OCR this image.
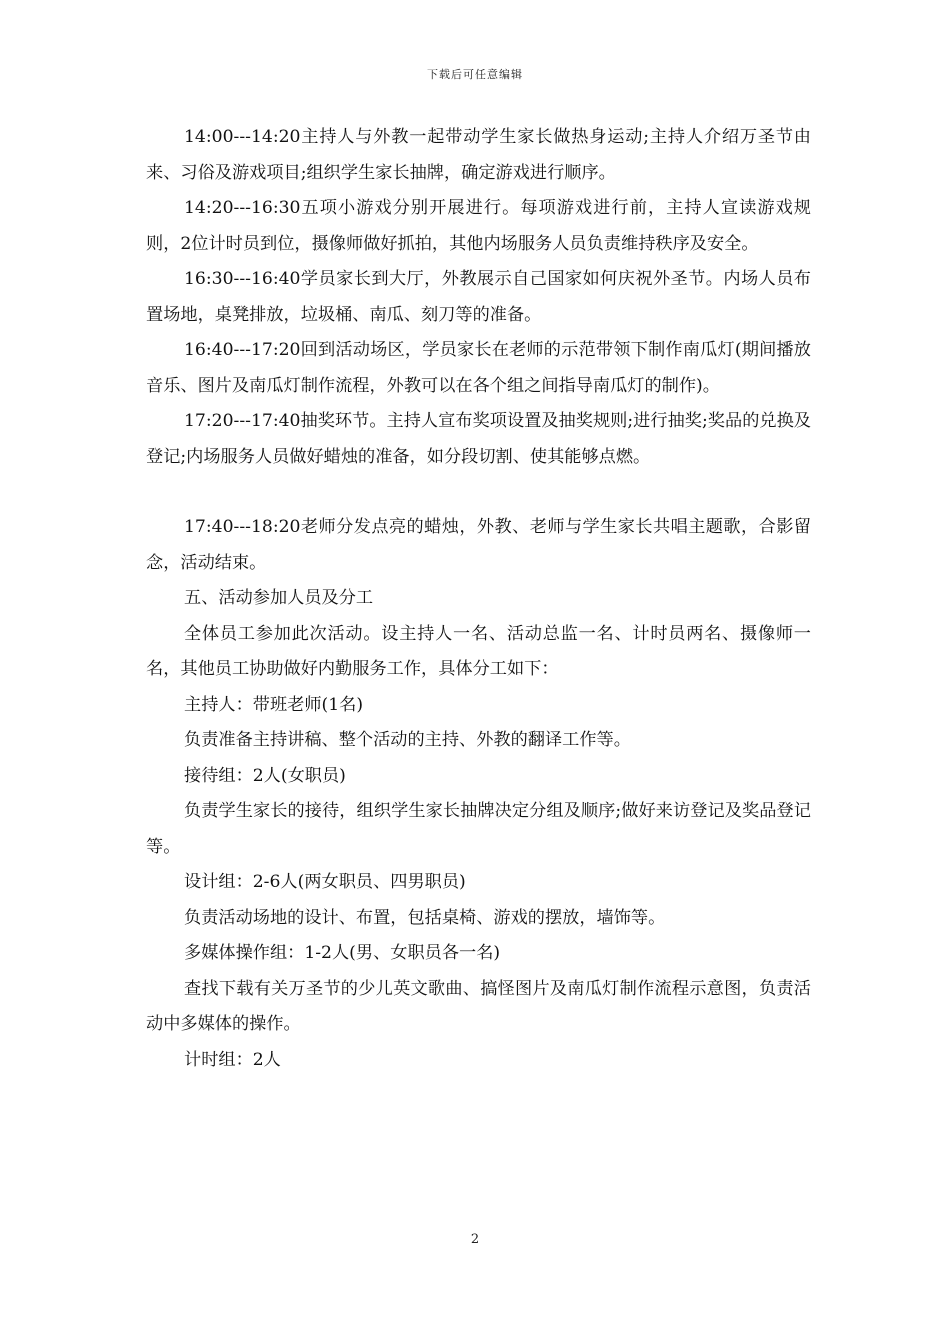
下载后可任意编辑

14:00---14:20主持人与外教一起带动学生家长做热身运动;主持人介绍万圣节由来、习俗及游戏项目;组织学生家长抽牌，确定游戏进行顺序。

14:20---16:30五项小游戏分别开展进行。每项游戏进行前，主持人宣读游戏规则，2位计时员到位，摄像师做好抓拍，其他内场服务人员负责维持秩序及安全。

16:30---16:40学员家长到大厅，外教展示自己国家如何庆祝外圣节。内场人员布置场地，桌凳排放，垃圾桶、南瓜、刻刀等的准备。

16:40---17:20回到活动场区，学员家长在老师的示范带领下制作南瓜灯(期间播放音乐、图片及南瓜灯制作流程，外教可以在各个组之间指导南瓜灯的制作)。

17:20---17:40抽奖环节。主持人宣布奖项设置及抽奖规则;进行抽奖;奖品的兑换及登记;内场服务人员做好蜡烛的准备，如分段切割、使其能够点燃。

17:40---18:20老师分发点亮的蜡烛，外教、老师与学生家长共唱主题歌，合影留念，活动结束。

五、活动参加人员及分工

全体员工参加此次活动。设主持人一名、活动总监一名、计时员两名、摄像师一名，其他员工协助做好内勤服务工作，具体分工如下：

主持人：带班老师(1名)

负责准备主持讲稿、整个活动的主持、外教的翻译工作等。

接待组：2人(女职员)

负责学生家长的接待，组织学生家长抽牌决定分组及顺序;做好来访登记及奖品登记等。

设计组：2-6人(两女职员、四男职员)

负责活动场地的设计、布置，包括桌椅、游戏的摆放，墙饰等。

多媒体操作组：1-2人(男、女职员各一名)

查找下载有关万圣节的少儿英文歌曲、搞怪图片及南瓜灯制作流程示意图，负责活动中多媒体的操作。

计时组：2人

2
